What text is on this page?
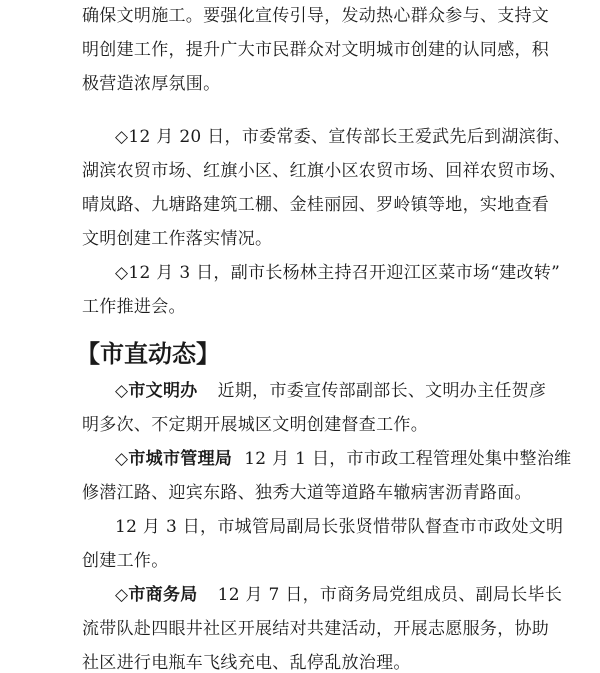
确保文明施工。要强化宣传引导，发动热心群众参与、支持文
明创建工作，提升广大市民群众对文明城市创建的认同感，积
极营造浓厚氛围。
◇12 月 20 日，市委常委、宣传部长王爱武先后到湖滨街、
湖滨农贸市场、红旗小区、红旗小区农贸市场、回祥农贸市场、
晴岚路、九塘路建筑工棚、金桂丽园、罗岭镇等地，实地查看
文明创建工作落实情况。
◇12 月 3 日，副市长杨林主持召开迎江区菜市场“建改转”
工作推进会。
【市直动态】
◇市文明办 近期，市委宣传部副部长、文明办主任贺彦
明多次、不定期开展城区文明创建督查工作。
◇市城市管理局 12 月 1 日，市市政工程管理处集中整治维
修潜江路、迎宾东路、独秀大道等道路车辙病害沥青路面。
12 月 3 日，市城管局副局长张贤惜带队督查市市政处文明
创建工作。
◇市商务局 12 月 7 日，市商务局党组成员、副局长毕长
流带队赴四眼井社区开展结对共建活动，开展志愿服务，协助
社区进行电瓶车飞线充电、乱停乱放治理。
